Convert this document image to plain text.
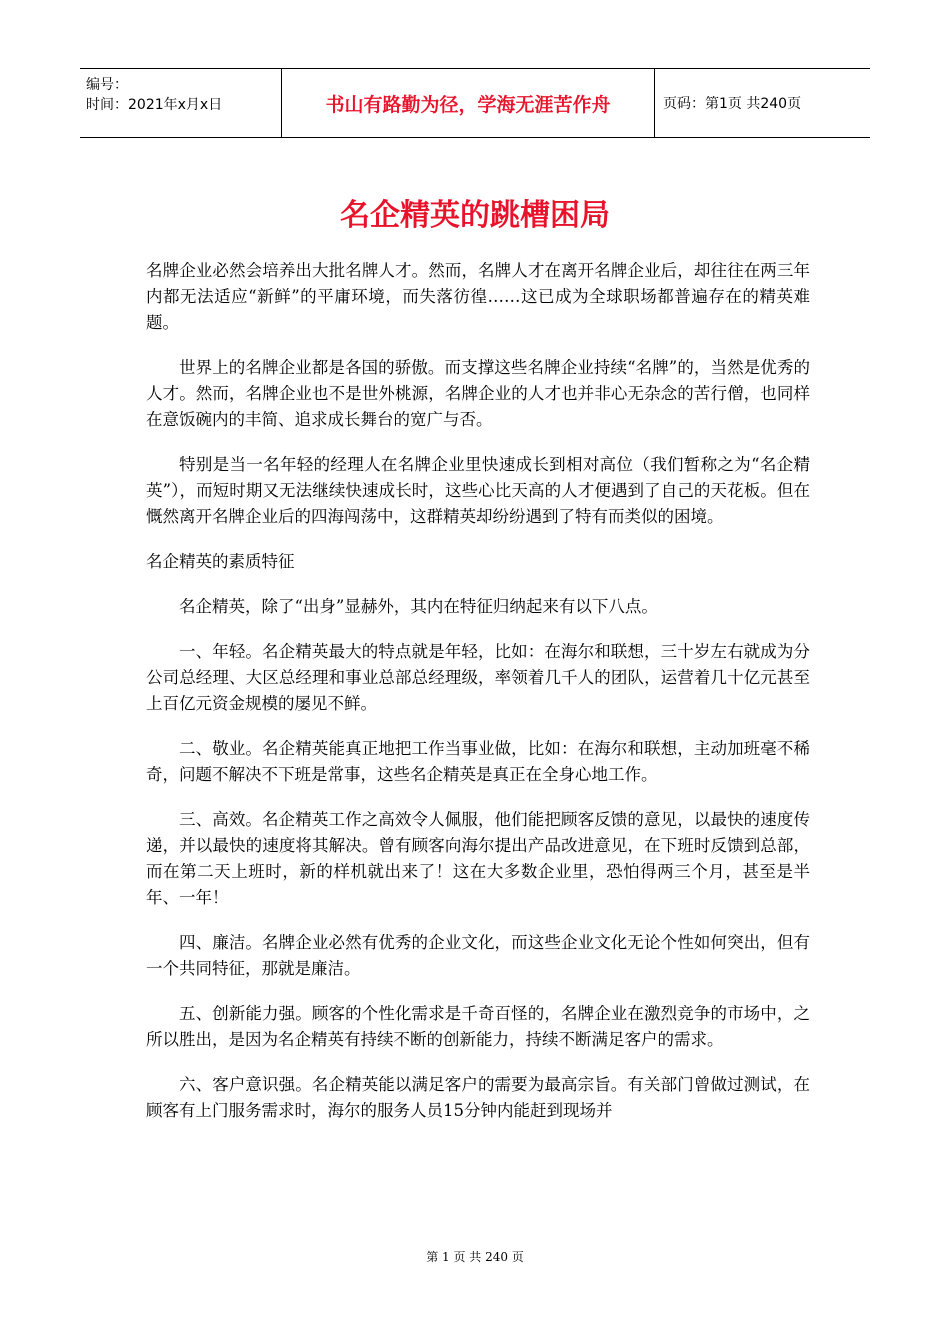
编号：
时间：2021年x月x日	书山有路勤为径，学海无涯苦作舟	页码：第1页 共240页
名企精英的跳槽困局

名牌企业必然会培养出大批名牌人才。然而，名牌人才在离开名牌企业后，却往往在两三年内都无法适应“新鲜”的平庸环境，而失落彷徨……这已成为全球职场都普遍存在的精英难题。

世界上的名牌企业都是各国的骄傲。而支撑这些名牌企业持续“名牌”的，当然是优秀的人才。然而，名牌企业也不是世外桃源，名牌企业的人才也并非心无杂念的苦行僧，也同样在意饭碗内的丰简、追求成长舞台的宽广与否。

特别是当一名年轻的经理人在名牌企业里快速成长到相对高位（我们暂称之为“名企精英”），而短时期又无法继续快速成长时，这些心比天高的人才便遇到了自己的天花板。但在慨然离开名牌企业后的四海闯荡中，这群精英却纷纷遇到了特有而类似的困境。

名企精英的素质特征

名企精英，除了“出身”显赫外，其内在特征归纳起来有以下八点。

一、年轻。名企精英最大的特点就是年轻，比如：在海尔和联想，三十岁左右就成为分公司总经理、大区总经理和事业总部总经理级，率领着几千人的团队，运营着几十亿元甚至上百亿元资金规模的屡见不鲜。

二、敬业。名企精英能真正地把工作当事业做，比如：在海尔和联想，主动加班毫不稀奇，问题不解决不下班是常事，这些名企精英是真正在全身心地工作。

三、高效。名企精英工作之高效令人佩服，他们能把顾客反馈的意见，以最快的速度传递，并以最快的速度将其解决。曾有顾客向海尔提出产品改进意见，在下班时反馈到总部，而在第二天上班时，新的样机就出来了！这在大多数企业里，恐怕得两三个月，甚至是半年、一年！

四、廉洁。名牌企业必然有优秀的企业文化，而这些企业文化无论个性如何突出，但有一个共同特征，那就是廉洁。

五、创新能力强。顾客的个性化需求是千奇百怪的，名牌企业在激烈竞争的市场中，之所以胜出，是因为名企精英有持续不断的创新能力，持续不断满足客户的需求。

六、客户意识强。名企精英能以满足客户的需要为最高宗旨。有关部门曾做过测试，在顾客有上门服务需求时，海尔的服务人员15分钟内能赶到现场并

第 1 页 共 240 页
